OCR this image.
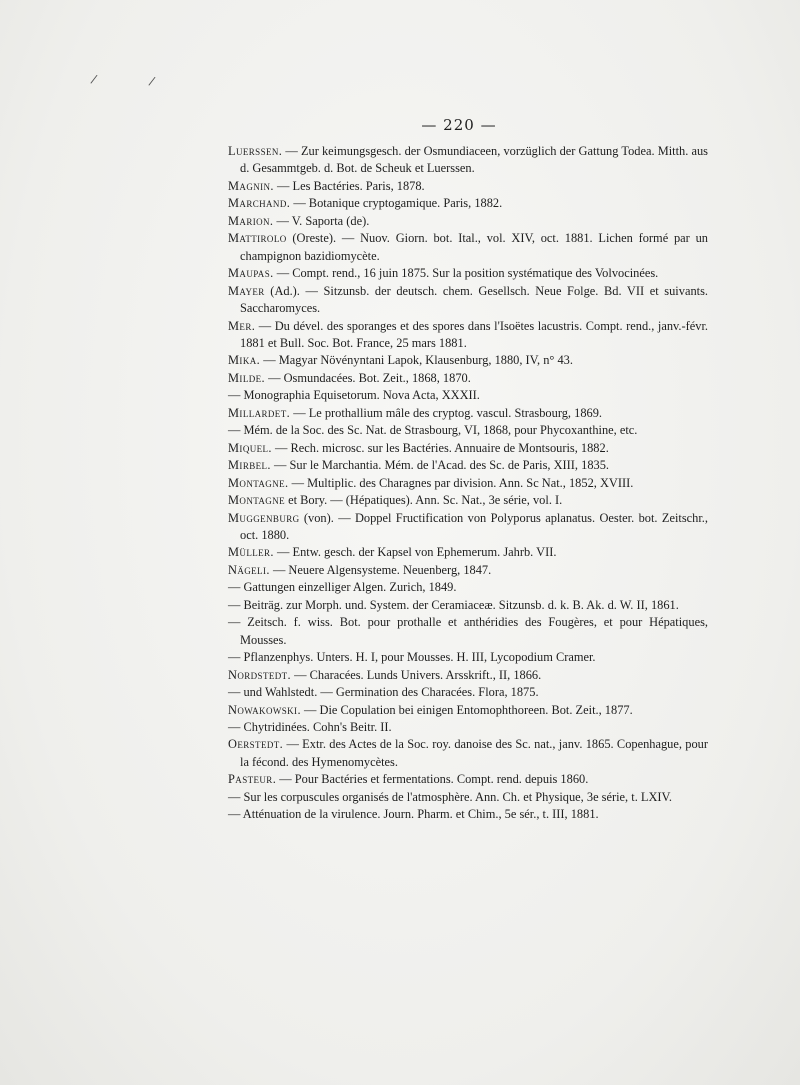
/	/
— 220 —
Luerssen. — Zur keimungsgesch. der Osmundiaceen, vorzüglich der Gattung Todea. Mitth. aus d. Gesammtgeb. d. Bot. de Scheuk et Luerssen.
Magnin. — Les Bactéries. Paris, 1878.
Marchand. — Botanique cryptogamique. Paris, 1882.
Marion. — V. Saporta (de).
Mattirolo (Oreste). — Nuov. Giorn. bot. Ital., vol. XIV, oct. 1881. Lichen formé par un champignon bazidiomycète.
Maupas. — Compt. rend., 16 juin 1875. Sur la position systématique des Volvocinées.
Mayer (Ad.). — Sitzunsb. der deutsch. chem. Gesellsch. Neue Folge. Bd. VII et suivants. Saccharomyces.
Mer. — Du dével. des sporanges et des spores dans l'Isoëtes lacustris. Compt. rend., janv.-févr. 1881 et Bull. Soc. Bot. France, 25 mars 1881.
Mika. — Magyar Növényntani Lapok, Klausenburg, 1880, IV, n° 43.
Milde. — Osmundacées. Bot. Zeit., 1868, 1870.
— Monographia Equisetorum. Nova Acta, XXXII.
Millardet. — Le prothallium mâle des cryptog. vascul. Strasbourg, 1869.
— Mém. de la Soc. des Sc. Nat. de Strasbourg, VI, 1868, pour Phycoxanthine, etc.
Miquel. — Rech. microsc. sur les Bactéries. Annuaire de Montsouris, 1882.
Mirbel. — Sur le Marchantia. Mém. de l'Acad. des Sc. de Paris, XIII, 1835.
Montagne. — Multiplic. des Charagnes par division. Ann. Sc Nat., 1852, XVIII.
Montagne et Bory. — (Hépatiques). Ann. Sc. Nat., 3e série, vol. I.
Muggenburg (von). — Doppel Fructification von Polyporus aplanatus. Oester. bot. Zeitschr., oct. 1880.
Müller. — Entw. gesch. der Kapsel von Ephemerum. Jahrb. VII.
Nägeli. — Neuere Algensysteme. Neuenberg, 1847.
— Gattungen einzelliger Algen. Zurich, 1849.
— Beiträg. zur Morph. und. System. der Ceramiaceæ. Sitzunsb. d. k. B. Ak. d. W. II, 1861.
— Zeitsch. f. wiss. Bot. pour prothalle et anthéridies des Fougères, et pour Hépatiques, Mousses.
— Pflanzenphys. Unters. H. I, pour Mousses. H. III, Lycopodium Cramer.
Nordstedt. — Characées. Lunds Univers. Arsskrift., II, 1866.
— und Wahlstedt. — Germination des Characées. Flora, 1875.
Nowakowski. — Die Copulation bei einigen Entomophthoreen. Bot. Zeit., 1877.
— Chytridinées. Cohn's Beitr. II.
Oerstedt. — Extr. des Actes de la Soc. roy. danoise des Sc. nat., janv. 1865. Copenhague, pour la fécond. des Hymenomycètes.
Pasteur. — Pour Bactéries et fermentations. Compt. rend. depuis 1860.
— Sur les corpuscules organisés de l'atmosphère. Ann. Ch. et Physique, 3e série, t. LXIV.
— Atténuation de la virulence. Journ. Pharm. et Chim., 5e sér., t. III, 1881.
